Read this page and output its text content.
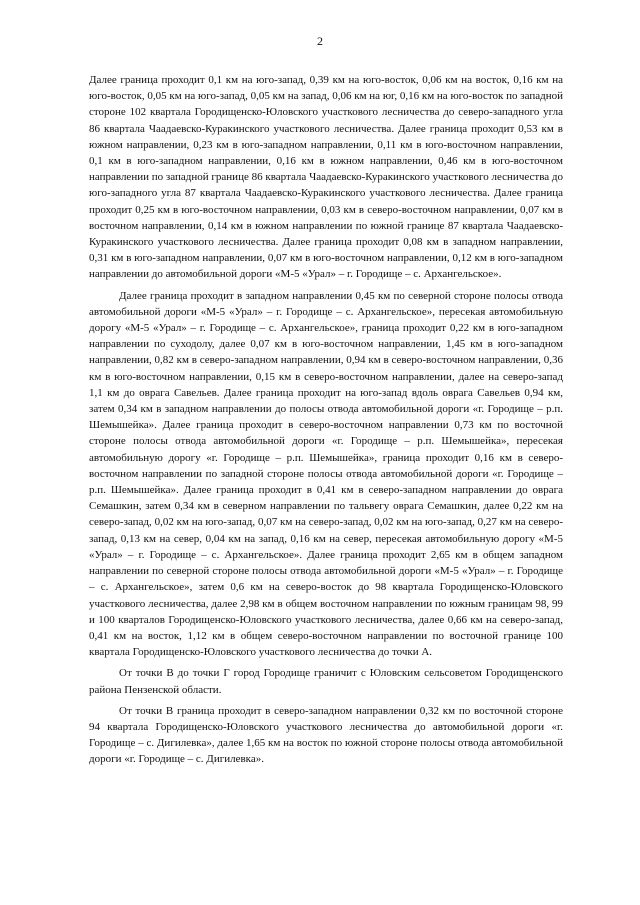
2

Далее граница проходит 0,1 км на юго-запад, 0,39 км на юго-восток, 0,06 км на восток, 0,16 км на юго-восток, 0,05 км на юго-запад, 0,05 км на запад, 0,06 км на юг, 0,16 км на юго-восток по западной стороне 102 квартала Городищенско-Юловского участкового лесничества до северо-западного угла 86 квартала Чаадаевско-Куракинского участкового лесничества. Далее граница проходит 0,53 км в южном направлении, 0,23 км в юго-западном направлении, 0,11 км в юго-восточном направлении, 0,1 км в юго-западном направлении, 0,16 км в южном направлении, 0,46 км в юго-восточном направлении по западной границе 86 квартала Чаадаевско-Куракинского участкового лесничества до юго-западного угла 87 квартала Чаадаевско-Куракинского участкового лесничества. Далее граница проходит 0,25 км в юго-восточном направлении, 0,03 км в северо-восточном направлении, 0,07 км в восточном направлении, 0,14 км в южном направлении по южной границе 87 квартала Чаадаевско-Куракинского участкового лесничества. Далее граница проходит 0,08 км в западном направлении, 0,31 км в юго-западном направлении, 0,07 км в юго-восточном направлении, 0,12 км в юго-западном направлении до автомобильной дороги «М-5 «Урал» – г. Городище – с. Архангельское».

Далее граница проходит в западном направлении 0,45 км по северной стороне полосы отвода автомобильной дороги «М-5 «Урал» – г. Городище – с. Архангельское», пересекая автомобильную дорогу «М-5 «Урал» – г. Городище – с. Архангельское», граница проходит 0,22 км в юго-западном направлении по суходолу, далее 0,07 км в юго-восточном направлении, 1,45 км в юго-западном направлении, 0,82 км в северо-западном направлении, 0,94 км в северо-восточном направлении, 0,36 км в юго-восточном направлении, 0,15 км в северо-восточном направлении, далее на северо-запад 1,1 км до оврага Савельев. Далее граница проходит на юго-запад вдоль оврага Савельев 0,94 км, затем 0,34 км в западном направлении до полосы отвода автомобильной дороги «г. Городище – р.п. Шемышейка». Далее граница проходит в северо-восточном направлении 0,73 км по восточной стороне полосы отвода автомобильной дороги «г. Городище – р.п. Шемышейка», пересекая автомобильную дорогу «г. Городище – р.п. Шемышейка», граница проходит 0,16 км в северо-восточном направлении по западной стороне полосы отвода автомобильной дороги «г. Городище – р.п. Шемышейка». Далее граница проходит в 0,41 км в северо-западном направлении до оврага Семашкин, затем 0,34 км в северном направлении по тальвегу оврага Семашкин, далее 0,22 км на северо-запад, 0,02 км на юго-запад, 0,07 км на северо-запад, 0,02 км на юго-запад, 0,27 км на северо-запад, 0,13 км на север, 0,04 км на запад, 0,16 км на север, пересекая автомобильную дорогу «М-5 «Урал» – г. Городище – с. Архангельское». Далее граница проходит 2,65 км в общем западном направлении по северной стороне полосы отвода автомобильной дороги «М-5 «Урал» – г. Городище – с. Архангельское», затем 0,6 км на северо-восток до 98 квартала Городищенско-Юловского участкового лесничества, далее 2,98 км в общем восточном направлении по южным границам 98, 99 и 100 кварталов Городищенско-Юловского участкового лесничества, далее 0,66 км на северо-запад, 0,41 км на восток, 1,12 км в общем северо-восточном направлении по восточной границе 100 квартала Городищенско-Юловского участкового лесничества до точки А.

От точки В до точки Г город Городище граничит с Юловским сельсоветом Городищенского района Пензенской области.

От точки В граница проходит в северо-западном направлении 0,32 км по восточной стороне 94 квартала Городищенско-Юловского участкового лесничества до автомобильной дороги «г. Городище – с. Дигилевка», далее 1,65 км на восток по южной стороне полосы отвода автомобильной дороги «г. Городище – с. Дигилевка».
